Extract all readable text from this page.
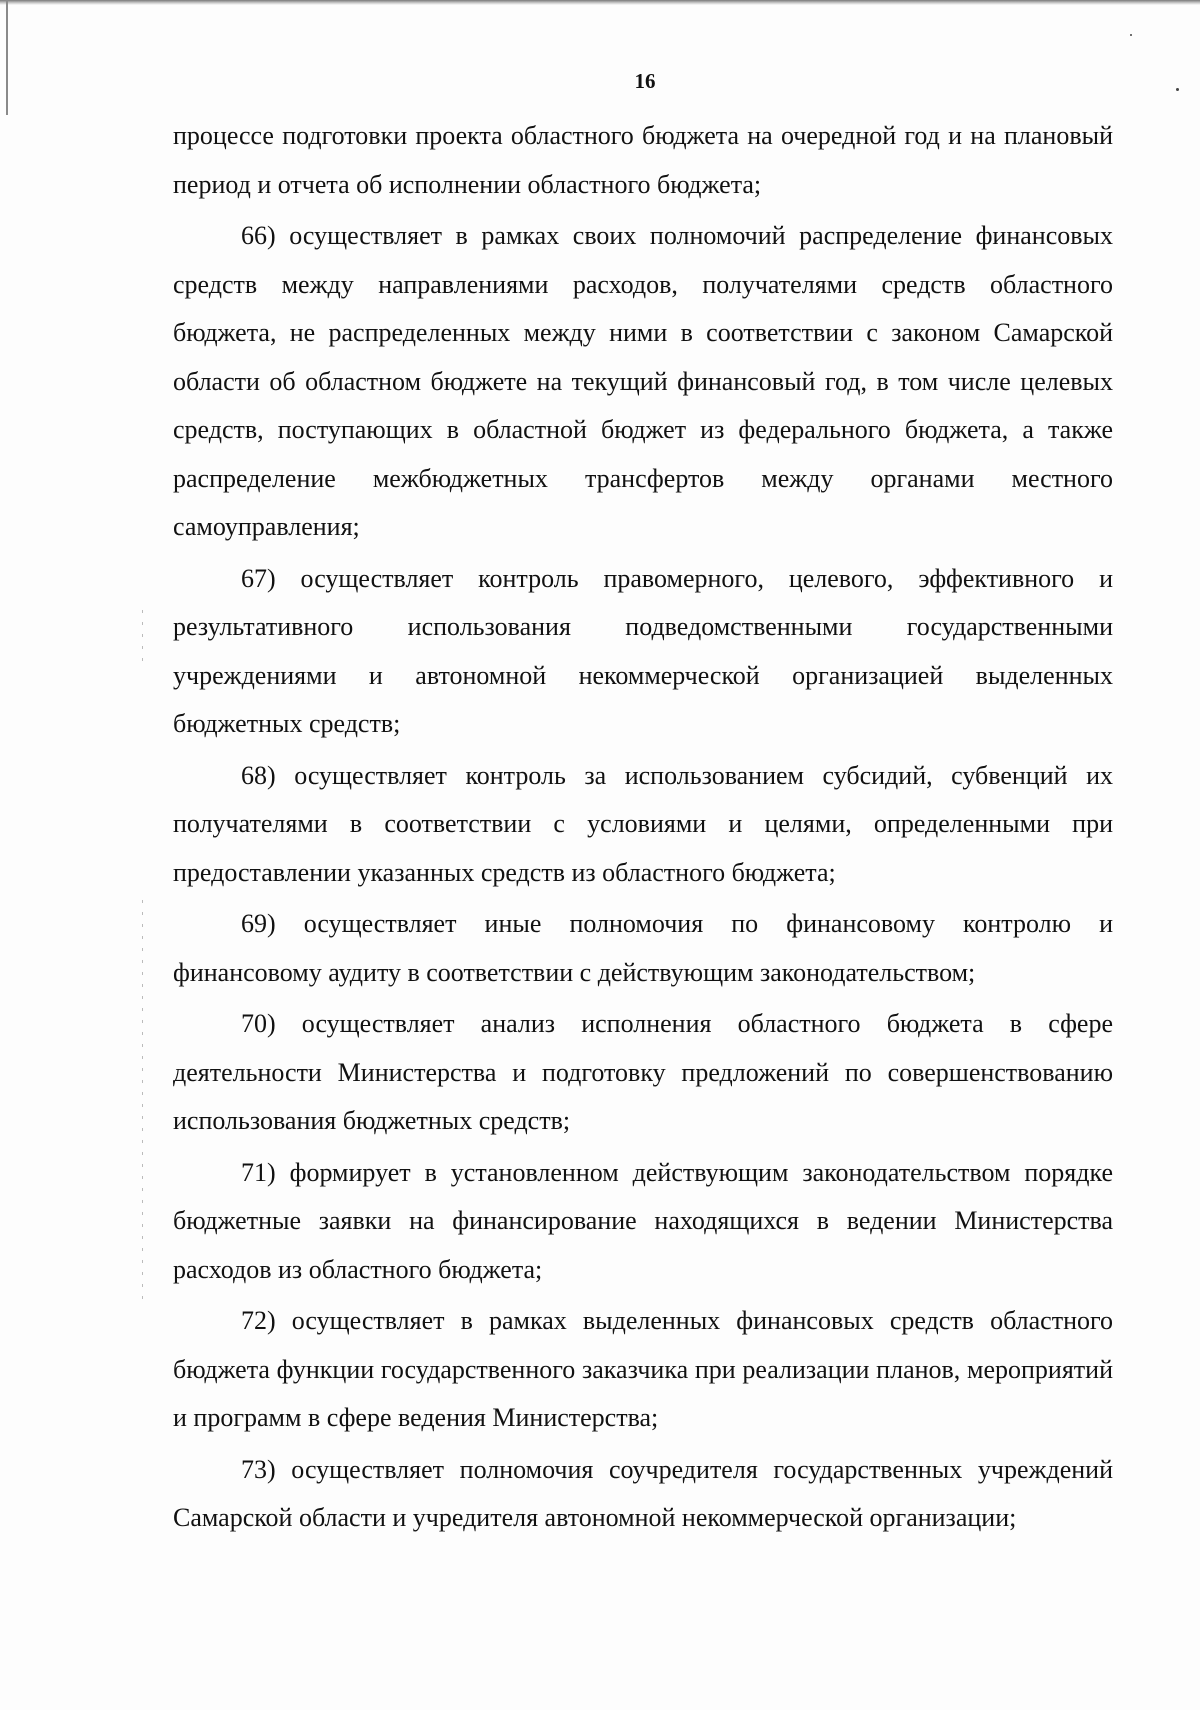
16

процессе подготовки проекта областного бюджета на очередной год и на плановый период и отчета об исполнении областного бюджета;

66) осуществляет в рамках своих полномочий распределение финансовых средств между направлениями расходов, получателями средств областного бюджета, не распределенных между ними в соответствии с законом Самарской области об областном бюджете на текущий финансовый год, в том числе целевых средств, поступающих в областной бюджет из федерального бюджета, а также распределение межбюджетных трансфертов между органами местного самоуправления;

67) осуществляет контроль правомерного, целевого, эффективного и результативного использования подведомственными государственными учреждениями и автономной некоммерческой организацией выделенных бюджетных средств;

68) осуществляет контроль за использованием субсидий, субвенций их получателями в соответствии с условиями и целями, определенными при предоставлении указанных средств из областного бюджета;

69) осуществляет иные полномочия по финансовому контролю и финансовому аудиту в соответствии с действующим законодательством;

70) осуществляет анализ исполнения областного бюджета в сфере деятельности Министерства и подготовку предложений по совершенствованию использования бюджетных средств;

71) формирует в установленном действующим законодательством порядке бюджетные заявки на финансирование находящихся в ведении Министерства расходов из областного бюджета;

72) осуществляет в рамках выделенных финансовых средств областного бюджета функции государственного заказчика при реализации планов, мероприятий и программ в сфере ведения Министерства;

73) осуществляет полномочия соучредителя государственных учреждений Самарской области и учредителя автономной некоммерческой организации;
